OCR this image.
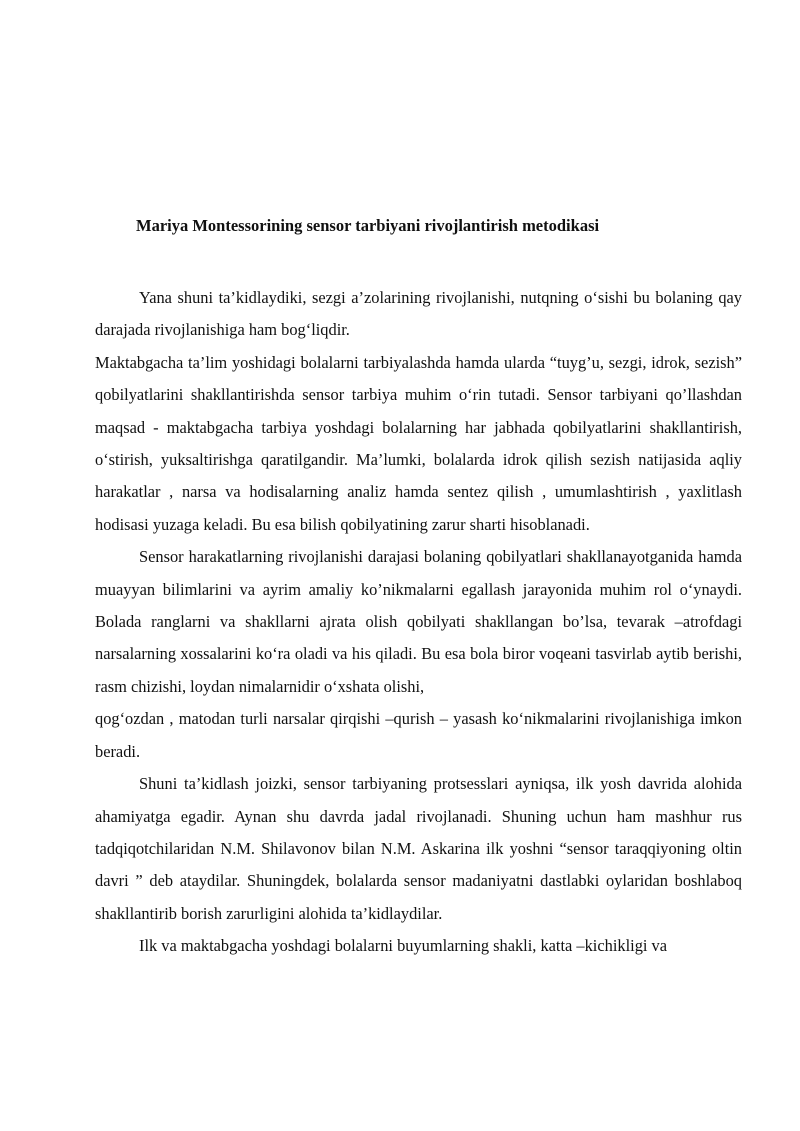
Mariya Montessorining sensor tarbiyani rivojlantirish metodikasi

Yana shuni ta’kidlaydiki, sezgi a’zolarining rivojlanishi, nutqning o‘sishi bu bolaning qay darajada rivojlanishiga ham bog‘liqdir.

Maktabgacha ta’lim yoshidagi bolalarni tarbiyalashda hamda ularda “tuyg’u, sezgi, idrok, sezish” qobilyatlarini shakllantirishda sensor tarbiya muhim o‘rin tutadi. Sensor tarbiyani qo’llashdan maqsad - maktabgacha tarbiya yoshdagi bolalarning har jabhada qobilyatlarini shakllantirish, o‘stirish, yuksaltirishga qaratilgandir. Ma’lumki, bolalarda idrok qilish sezish natijasida aqliy harakatlar , narsa va hodisalarning analiz hamda sentez qilish , umumlashtirish , yaxlitlash hodisasi yuzaga keladi. Bu esa bilish qobilyatining zarur sharti hisoblanadi.

Sensor harakatlarning rivojlanishi darajasi bolaning qobilyatlari shakllanayotganida hamda muayyan bilimlarini va ayrim amaliy ko’nikmalarni egallash jarayonida muhim rol o‘ynaydi. Bolada ranglarni va shakllarni ajrata olish qobilyati shakllangan bo’lsa, tevarak –atrofdagi narsalarning xossalarini ko‘ra oladi va his qiladi. Bu esa bola biror voqeani tasvirlab aytib berishi, rasm chizishi, loydan nimalarnidir o‘xshata olishi,

qog‘ozdan , matodan turli narsalar qirqishi –qurish – yasash ko‘nikmalarini rivojlanishiga imkon beradi.

Shuni ta’kidlash joizki, sensor tarbiyaning protsesslari ayniqsa, ilk yosh davrida alohida ahamiyatga egadir. Aynan shu davrda jadal rivojlanadi. Shuning uchun ham mashhur rus tadqiqotchilaridan N.M. Shilavonov bilan N.M. Askarina ilk yoshni “sensor taraqqiyoning oltin davri ” deb ataydilar. Shuningdek, bolalarda sensor madaniyatni dastlabki oylaridan boshlaboq shakllantirib borish zarurligini alohida ta’kidlaydilar.

Ilk va maktabgacha yoshdagi bolalarni buyumlarning shakli, katta –kichikligi va
